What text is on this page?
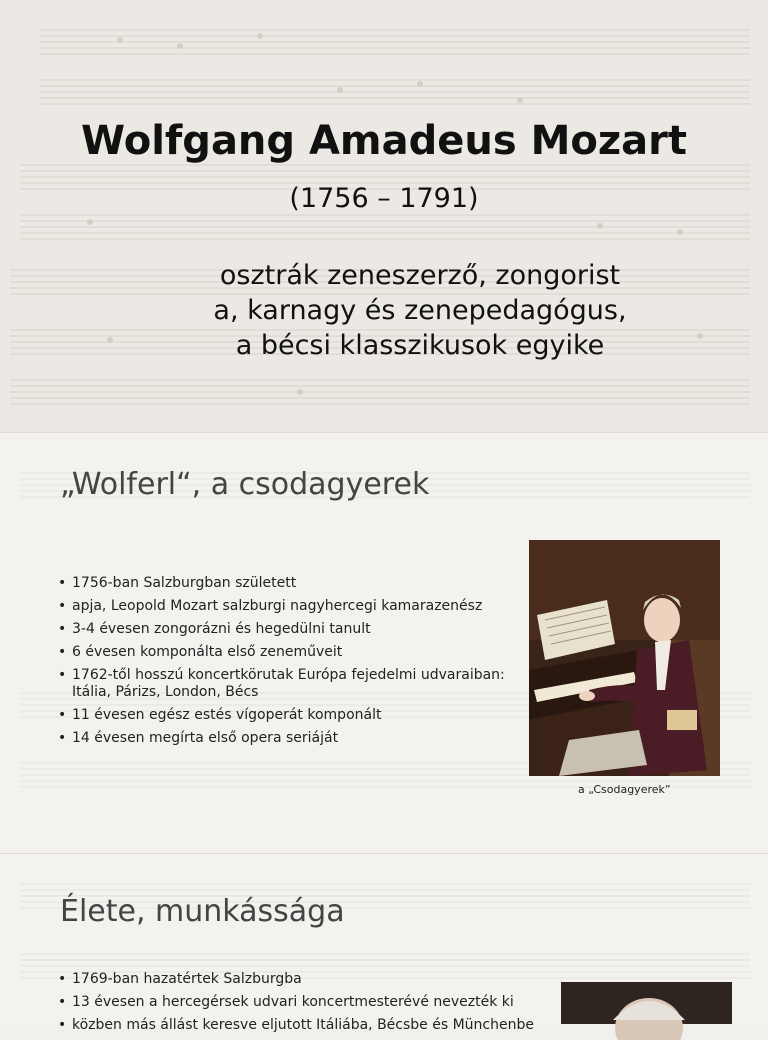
Wolfgang Amadeus Mozart
(1756 – 1791)
osztrák zeneszerző, zongorist
a, karnagy és zenepedagógus,
a bécsi klasszikusok egyike
„Wolferl“, a csodagyerek
• 1756-ban Salzburgban született
• apja, Leopold Mozart salzburgi nagyhercegi kamarazenész
• 3-4 évesen zongorázni és hegedülni tanult
• 6 évesen komponálta első zeneműveit
• 1762-től hosszú koncertkörutak Európa fejedelmi udvaraiban: Itália, Párizs, London, Bécs
• 11 évesen egész estés vígoperát komponált
• 14 évesen megírta első opera seriáját
a „Csodagyerek”
Élete, munkássága
• 1769-ban hazatértek Salzburgba
• 13 évesen a hercegérsek udvari koncertmesterévé nevezték ki
• közben más állást keresve eljutott Itáliába, Bécsbe és Münchenbe
